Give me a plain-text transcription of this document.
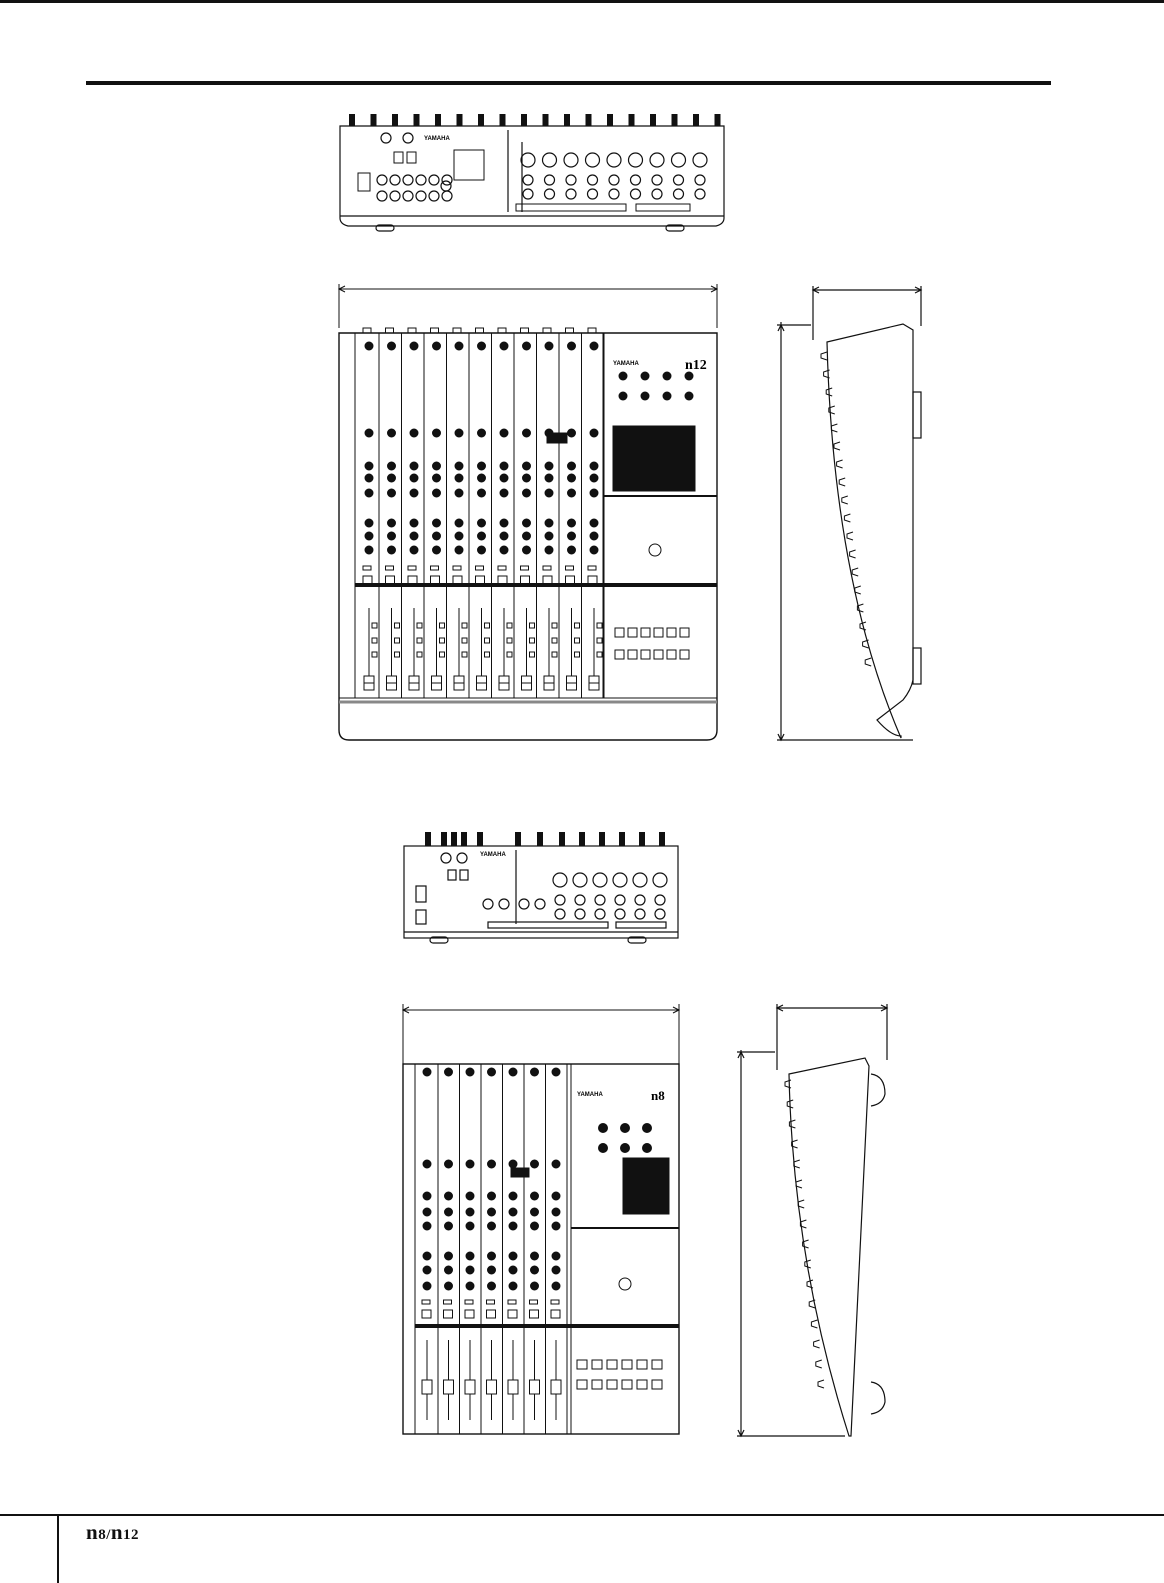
YAMAHA
YAMAHA	n12
YAMAHA
YAMAHA	n8
n8/n12
